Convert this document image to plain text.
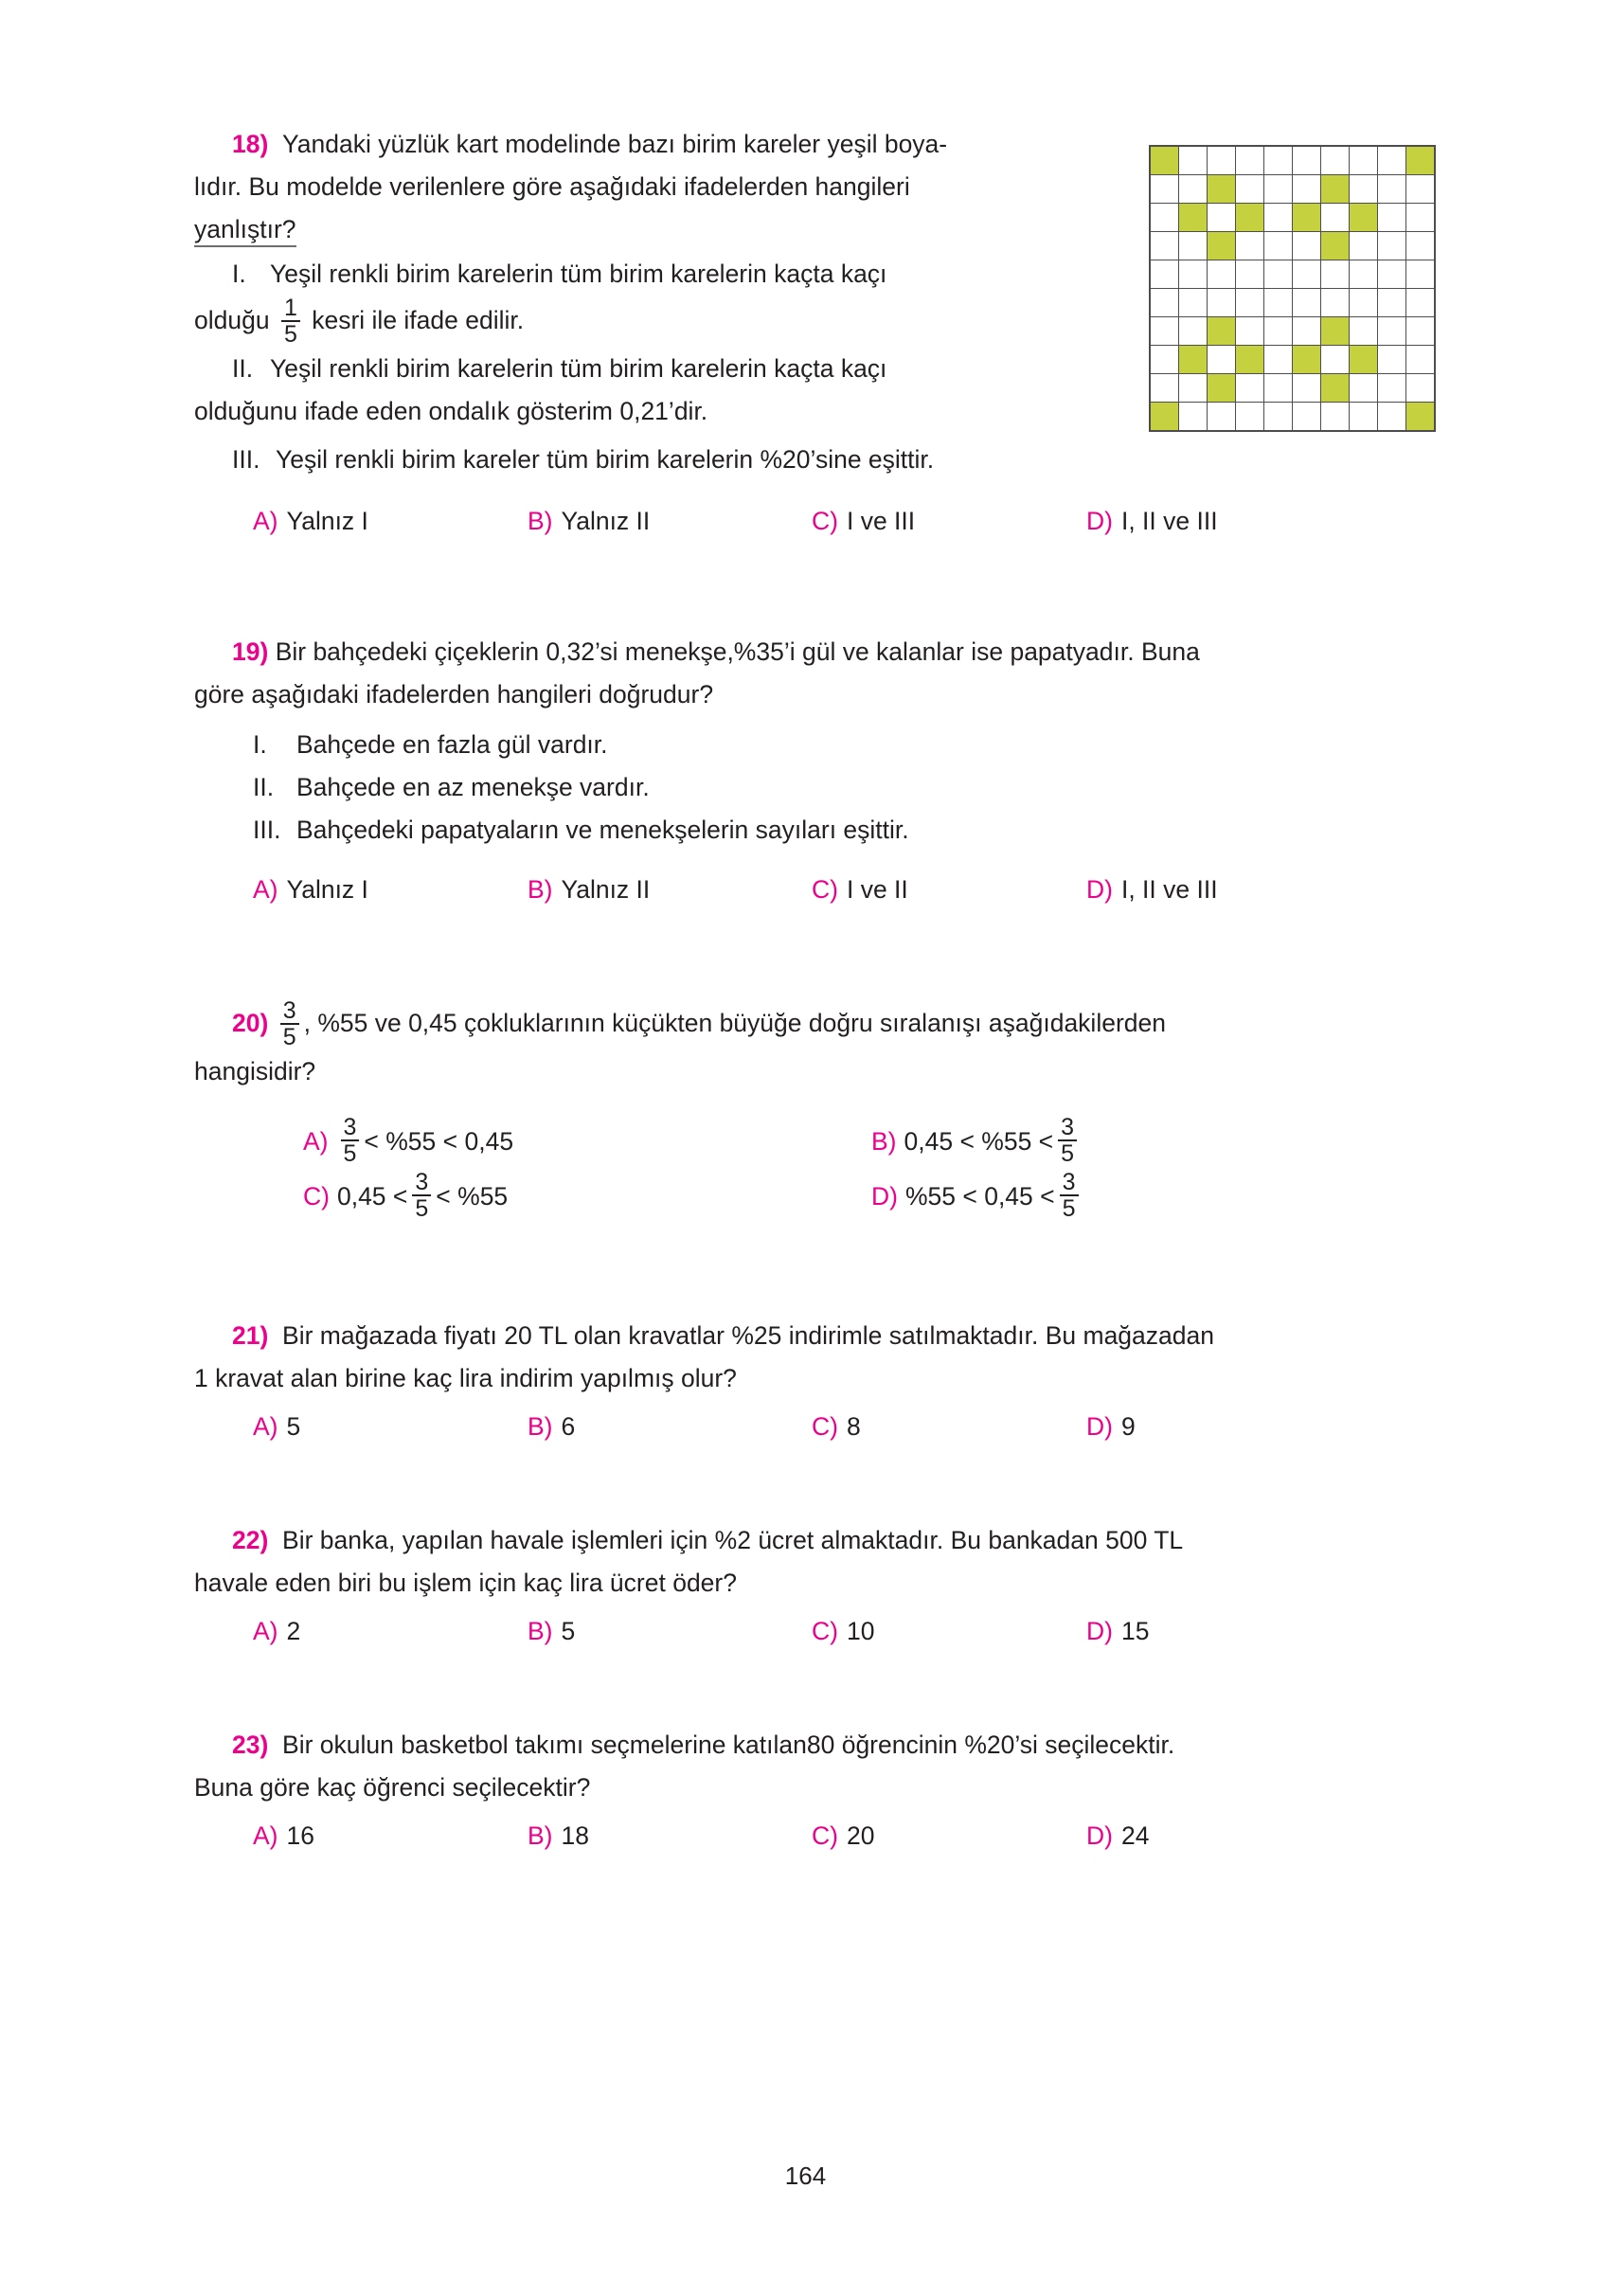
18) Yandaki yüzlük kart modelinde bazı birim kareler yeşil boya-
lıdır. Bu modelde verilenlere göre aşağıdaki ifadelerden hangileri
yanlıştır?
I. Yeşil renkli birim karelerin tüm birim karelerin kaçta kaçı
olduğu $\frac{1}{5}$ kesri ile ifade edilir.
II. Yeşil renkli birim karelerin tüm birim karelerin kaçta kaçı
olduğunu ifade eden ondalık gösterim 0,21’dir.
III. Yeşil renkli birim kareler tüm birim karelerin %20’sine eşittir.
A) Yalnız I	B) Yalnız II	C) I ve III	D) I, II ve III
19) Bir bahçedeki çiçeklerin 0,32’si menekşe,%35’i gül ve kalanlar ise papatyadır. Buna
göre aşağıdaki ifadelerden hangileri doğrudur?
I. Bahçede en fazla gül vardır.
II. Bahçede en az menekşe vardır.
III. Bahçedeki papatyaların ve menekşelerin sayıları eşittir.
A) Yalnız I	B) Yalnız II	C) I ve II	D) I, II ve III
$20) \frac{3}{5}$ , %55 ve 0,45 çokluklarının küçükten büyüğe doğru sıralanışı aşağıdakilerden
hangisidir?
$A) \frac{3}{5} < \%55 < 0,45$	B) $0,45 < \%55 < \frac{3}{5}$
C) $0,45 < \frac{3}{5} < \%55$	D) $\%55 < 0,45 < \frac{3}{5}$
21) Bir mağazada fiyatı 20 TL olan kravatlar %25 indirimle satılmaktadır. Bu mağazadan
1 kravat alan birine kaç lira indirim yapılmış olur?
A) 5	B) 6	C) 8	D) 9
22) Bir banka, yapılan havale işlemleri için %2 ücret almaktadır. Bu bankadan 500 TL
havale eden biri bu işlem için kaç lira ücret öder?
A) 2	B) 5	C) 10	D) 15
23) Bir okulun basketbol takımı seçmelerine katılan80 öğrencinin %20’si seçilecektir.
Buna göre kaç öğrenci seçilecektir?
A) 16	B) 18	C) 20	D) 24
164
